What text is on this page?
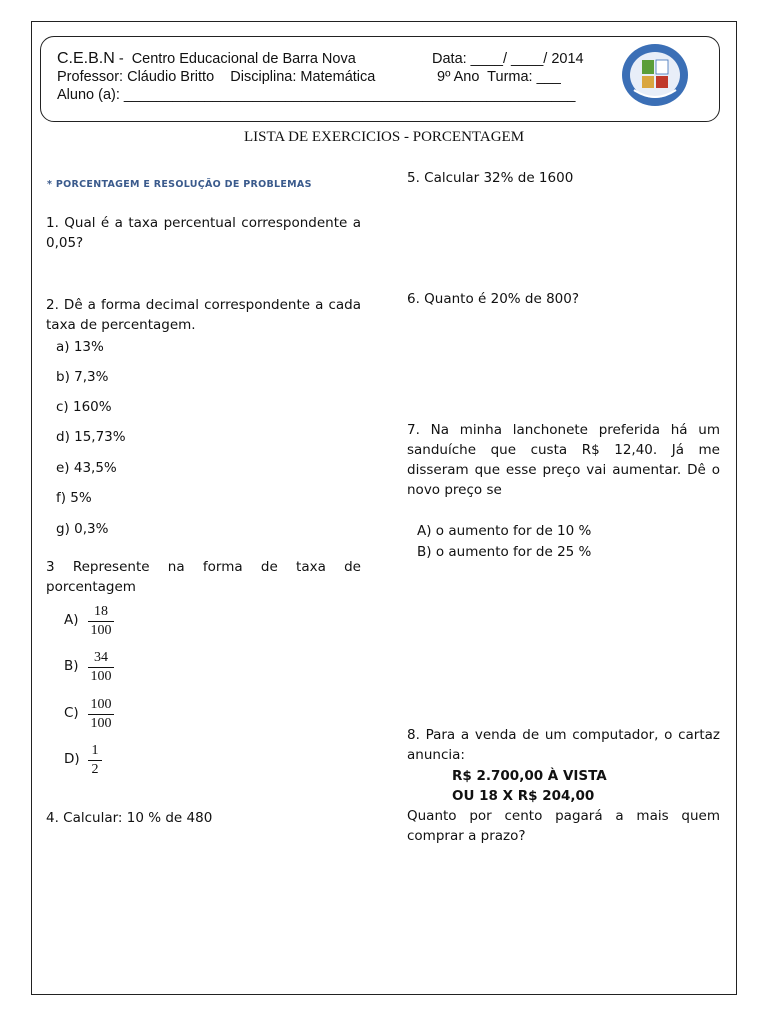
C.E.B.N -  Centro Educacional de Barra Nova	Data: ____/ ____/ 2014
Professor: Cláudio Britto Disciplina: Matemática	9º Ano  Turma: ___
Aluno (a): ________________________________________________________
LISTA DE EXERCICIOS - PORCENTAGEM
* PORCENTAGEM E RESOLUÇÃO DE PROBLEMAS
1. Qual é a taxa percentual correspondente a 0,05?
2. Dê a forma decimal correspondente a cada taxa de percentagem.
a) 13%
b) 7,3%
c) 160%
d) 15,73%
e) 43,5%
f) 5%
g) 0,3%
3 Represente na forma de taxa de porcentagem
A)
18
100
B)
34
100
C)
100
100
D)
1
2
4. Calcular: 10 % de 480
5. Calcular 32% de 1600
6. Quanto é 20% de 800?
7. Na minha lanchonete preferida há um sanduíche que custa R$ 12,40. Já me disseram que esse preço vai aumentar. Dê o novo preço se
A) o aumento for de 10 %
B) o aumento for de 25 %
8. Para a venda de um computador, o cartaz anuncia:
R$ 2.700,00 À VISTA
OU 18 X R$ 204,00
Quanto por cento pagará a mais quem comprar a prazo?
